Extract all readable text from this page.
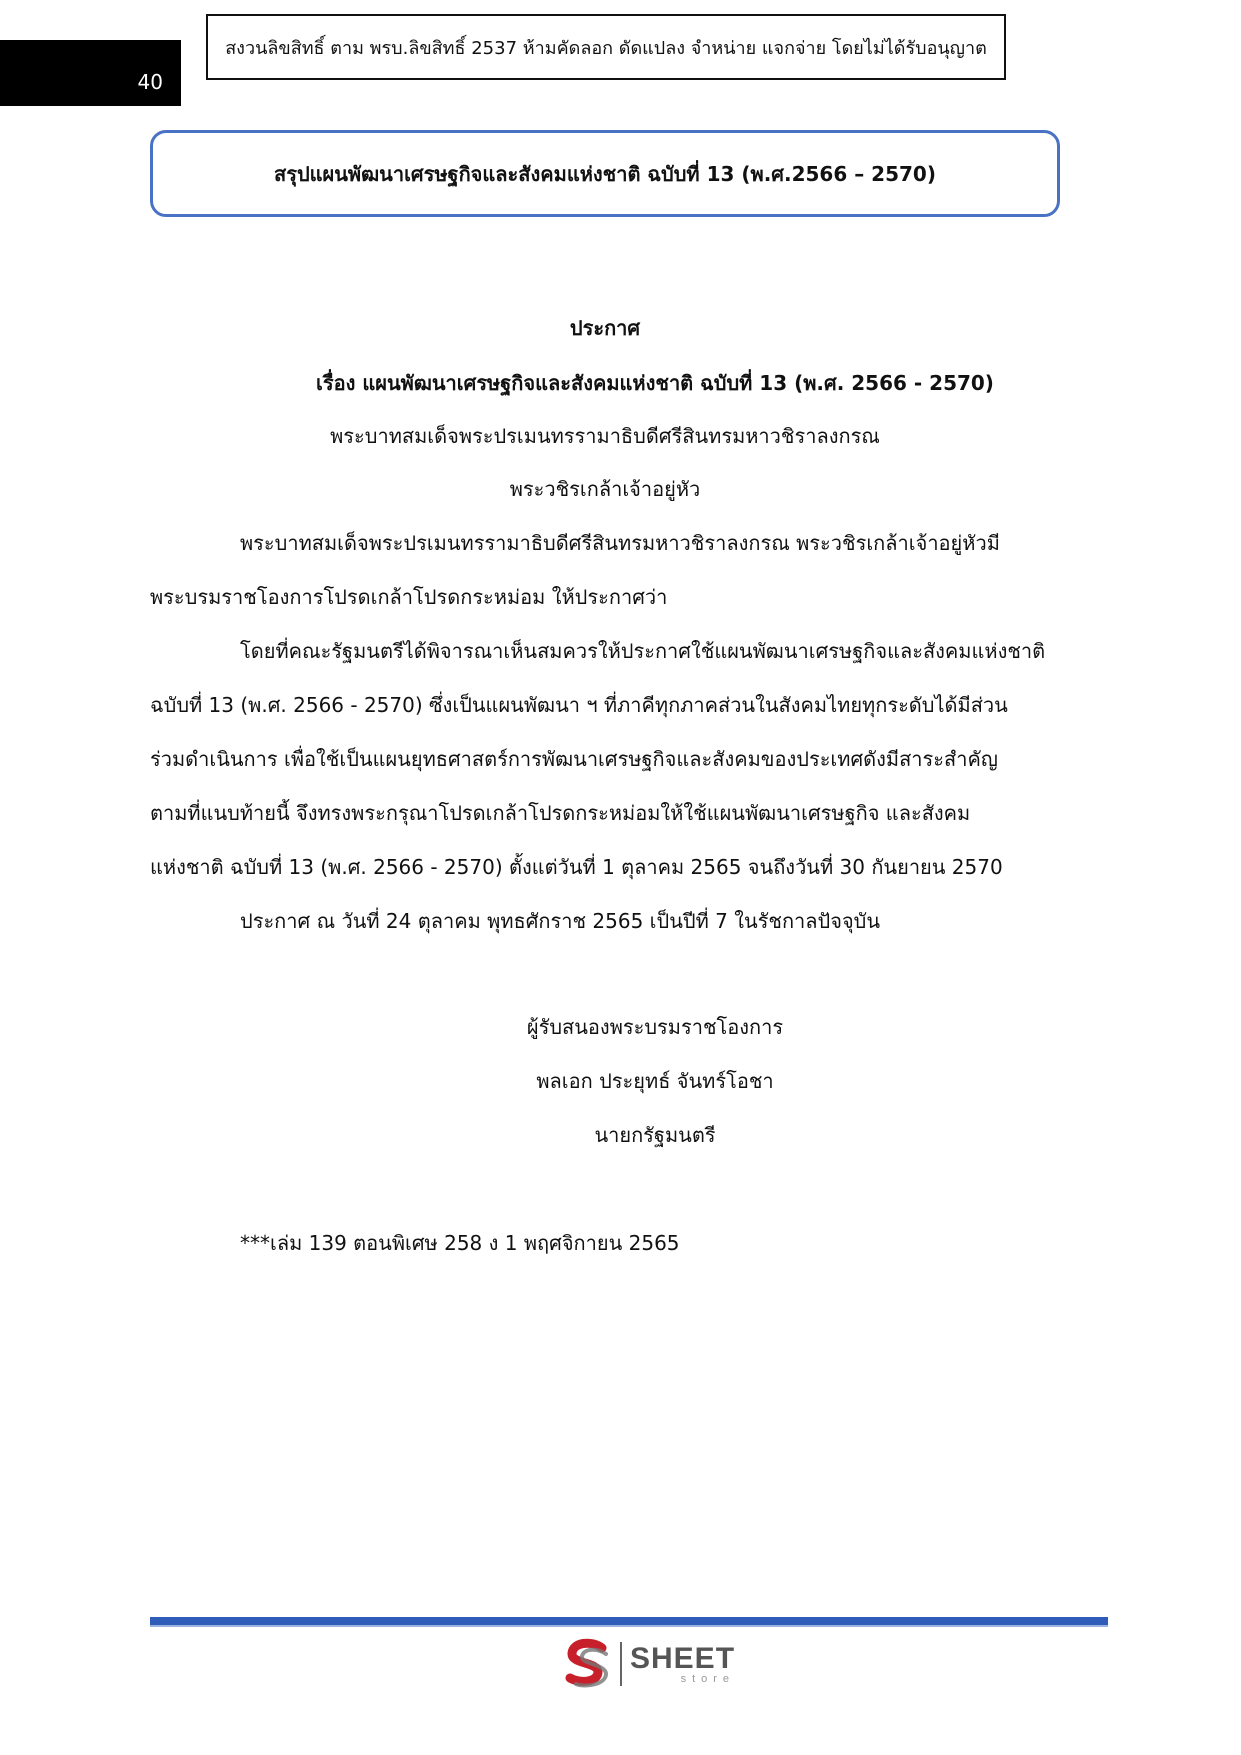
40
สงวนลิขสิทธิ์ ตาม พรบ.ลิขสิทธิ์ 2537 ห้ามคัดลอก ดัดแปลง จำหน่าย แจกจ่าย โดยไม่ได้รับอนุญาต
สรุปแผนพัฒนาเศรษฐกิจและสังคมแห่งชาติ ฉบับที่ 13 (พ.ศ.2566 – 2570)
ประกาศ
เรื่อง แผนพัฒนาเศรษฐกิจและสังคมแห่งชาติ ฉบับที่ 13 (พ.ศ. 2566 - 2570)
พระบาทสมเด็จพระปรเมนทรรามาธิบดีศรีสินทรมหาวชิราลงกรณ
พระวชิรเกล้าเจ้าอยู่หัว
พระบาทสมเด็จพระปรเมนทรรามาธิบดีศรีสินทรมหาวชิราลงกรณ พระวชิรเกล้าเจ้าอยู่หัวมี
พระบรมราชโองการโปรดเกล้าโปรดกระหม่อม ให้ประกาศว่า
โดยที่คณะรัฐมนตรีได้พิจารณาเห็นสมควรให้ประกาศใช้แผนพัฒนาเศรษฐกิจและสังคมแห่งชาติ
ฉบับที่ 13 (พ.ศ. 2566 - 2570) ซึ่งเป็นแผนพัฒนา ฯ ที่ภาคีทุกภาคส่วนในสังคมไทยทุกระดับได้มีส่วน
ร่วมดำเนินการ เพื่อใช้เป็นแผนยุทธศาสตร์การพัฒนาเศรษฐกิจและสังคมของประเทศดังมีสาระสำคัญ
ตามที่แนบท้ายนี้ จึงทรงพระกรุณาโปรดเกล้าโปรดกระหม่อมให้ใช้แผนพัฒนาเศรษฐกิจ และสังคม
แห่งชาติ ฉบับที่ 13 (พ.ศ. 2566 - 2570) ตั้งแต่วันที่ 1 ตุลาคม 2565 จนถึงวันที่ 30 กันยายน 2570
ประกาศ ณ วันที่ 24 ตุลาคม พุทธศักราช 2565 เป็นปีที่ 7 ในรัชกาลปัจจุบัน
ผู้รับสนองพระบรมราชโองการ
พลเอก ประยุทธ์ จันทร์โอชา
นายกรัฐมนตรี
***เล่ม 139 ตอนพิเศษ 258 ง 1 พฤศจิกายน 2565
SHEET
store
